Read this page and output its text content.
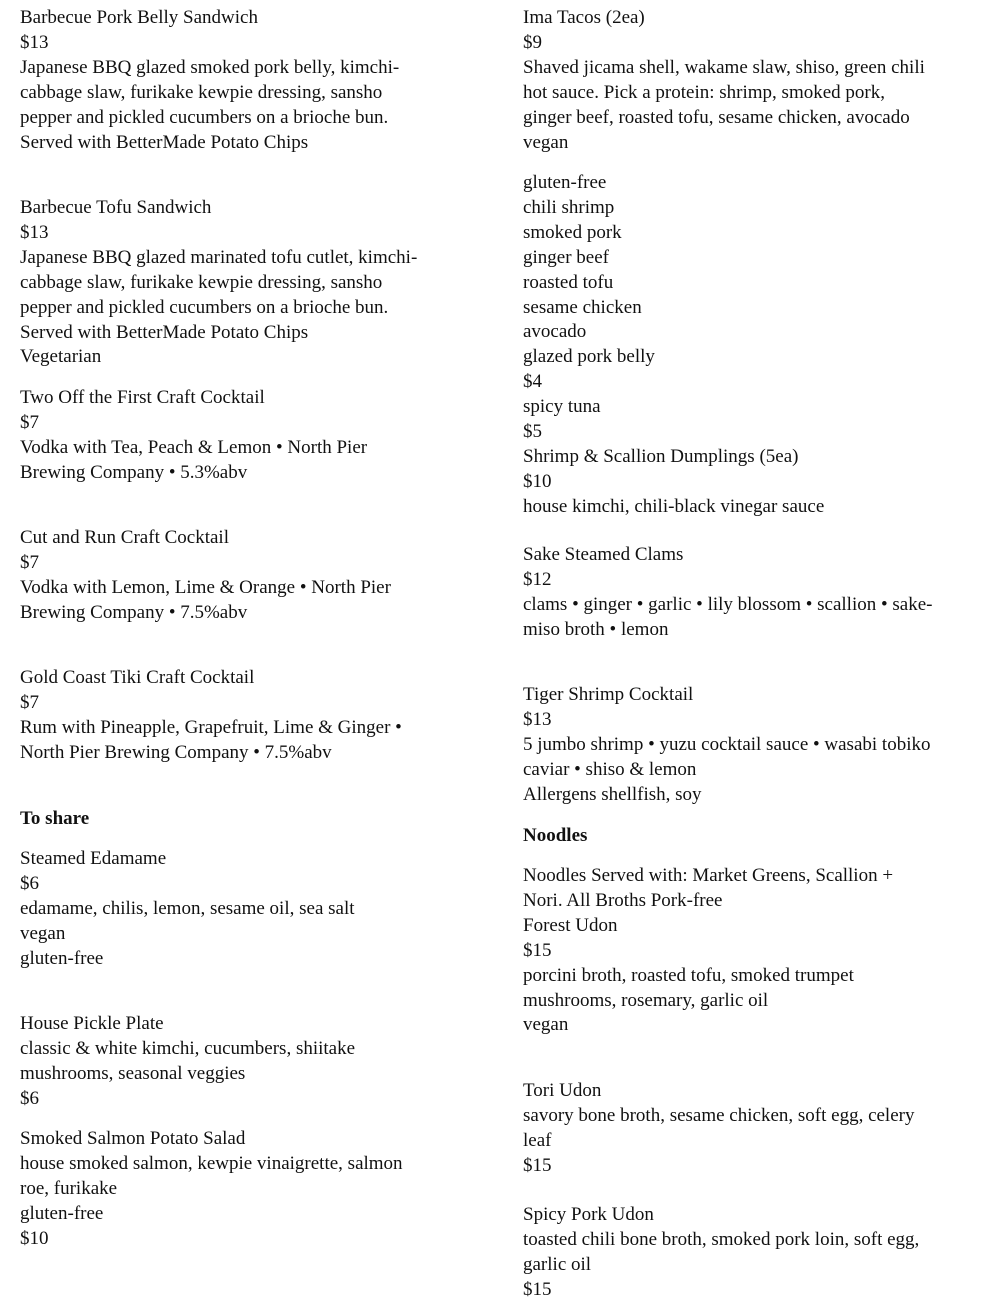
Barbecue Pork Belly Sandwich
$13
Japanese BBQ glazed smoked pork belly, kimchi-
cabbage slaw, furikake kewpie dressing, sansho
pepper and pickled cucumbers on a brioche bun.
Served with BetterMade Potato Chips
Barbecue Tofu Sandwich
$13
Japanese BBQ glazed marinated tofu cutlet, kimchi-
cabbage slaw, furikake kewpie dressing, sansho
pepper and pickled cucumbers on a brioche bun.
Served with BetterMade Potato Chips
Vegetarian
Two Off the First Craft Cocktail
$7
Vodka with Tea, Peach & Lemon • North Pier
Brewing Company • 5.3%abv
Cut and Run Craft Cocktail
$7
Vodka with Lemon, Lime & Orange • North Pier
Brewing Company • 7.5%abv
Gold Coast Tiki Craft Cocktail
$7
Rum with Pineapple, Grapefruit, Lime & Ginger •
North Pier Brewing Company • 7.5%abv
To share
Steamed Edamame
$6
edamame, chilis, lemon, sesame oil, sea salt
vegan
gluten-free
House Pickle Plate
classic & white kimchi, cucumbers, shiitake
mushrooms, seasonal veggies
$6
Smoked Salmon Potato Salad
house smoked salmon, kewpie vinaigrette, salmon
roe, furikake
gluten-free
$10
Ima Tacos (2ea)
$9
Shaved jicama shell, wakame slaw, shiso, green chili
hot sauce. Pick a protein: shrimp, smoked pork,
ginger beef, roasted tofu, sesame chicken, avocado
vegan
gluten-free
chili shrimp
smoked pork
ginger beef
roasted tofu
sesame chicken
avocado
glazed pork belly
$4
spicy tuna
$5
Shrimp & Scallion Dumplings (5ea)
$10
house kimchi, chili-black vinegar sauce
Sake Steamed Clams
$12
clams • ginger • garlic • lily blossom • scallion • sake-
miso broth • lemon
Tiger Shrimp Cocktail
$13
5 jumbo shrimp • yuzu cocktail sauce • wasabi tobiko
caviar • shiso & lemon
Allergens shellfish, soy
Noodles
Noodles Served with: Market Greens, Scallion +
Nori. All Broths Pork-free
Forest Udon
$15
porcini broth, roasted tofu, smoked trumpet
mushrooms, rosemary, garlic oil
vegan
Tori Udon
savory bone broth, sesame chicken, soft egg, celery
leaf
$15
Spicy Pork Udon
toasted chili bone broth, smoked pork loin, soft egg,
garlic oil
$15
